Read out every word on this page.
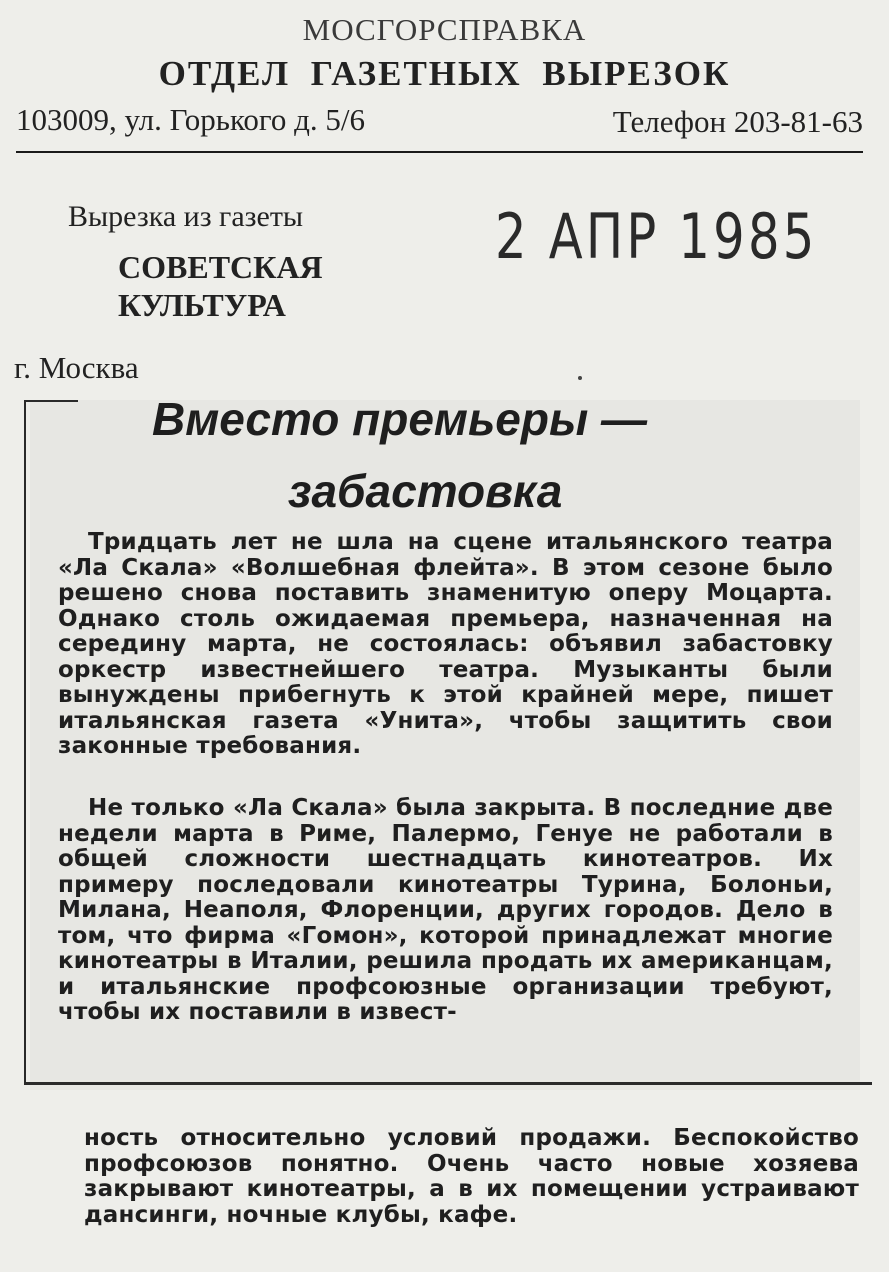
МОСГОРСПРАВКА
ОТДЕЛ ГАЗЕТНЫХ ВЫРЕЗОК
103009, ул. Горького д. 5/6	Телефон 203-81-63
Вырезка из газеты
СОВЕТСКАЯ
КУЛЬТУРА
2 АПР 1985
г. Москва
Вместо премьеры —
забастовка

Тридцать лет не шла на сцене итальянского театра «Ла Скала» «Волшебная флейта». В этом сезоне было решено снова поставить знаменитую оперу Моцарта. Однако столь ожидаемая премьера, назначенная на середину марта, не состоялась: объявил забастовку оркестр известнейшего театра. Музыканты были вынуждены прибегнуть к этой крайней мере, пишет итальянская газета «Унита», чтобы защитить свои законные требования.

Не только «Ла Скала» была закрыта. В последние две недели марта в Риме, Палермо, Генуе не работали в общей сложности шестнадцать кинотеатров. Их примеру последовали кинотеатры Турина, Болоньи, Милана, Неаполя, Флоренции, других городов. Дело в том, что фирма «Гомон», которой принадлежат многие кинотеатры в Италии, решила продать их американцам, и итальянские профсоюзные организации требуют, чтобы их поставили в извест-

ность относительно условий продажи. Беспокойство профсоюзов понятно. Очень часто новые хозяева закрывают кинотеатры, а в их помещении устраивают дансинги, ночные клубы, кафе.
